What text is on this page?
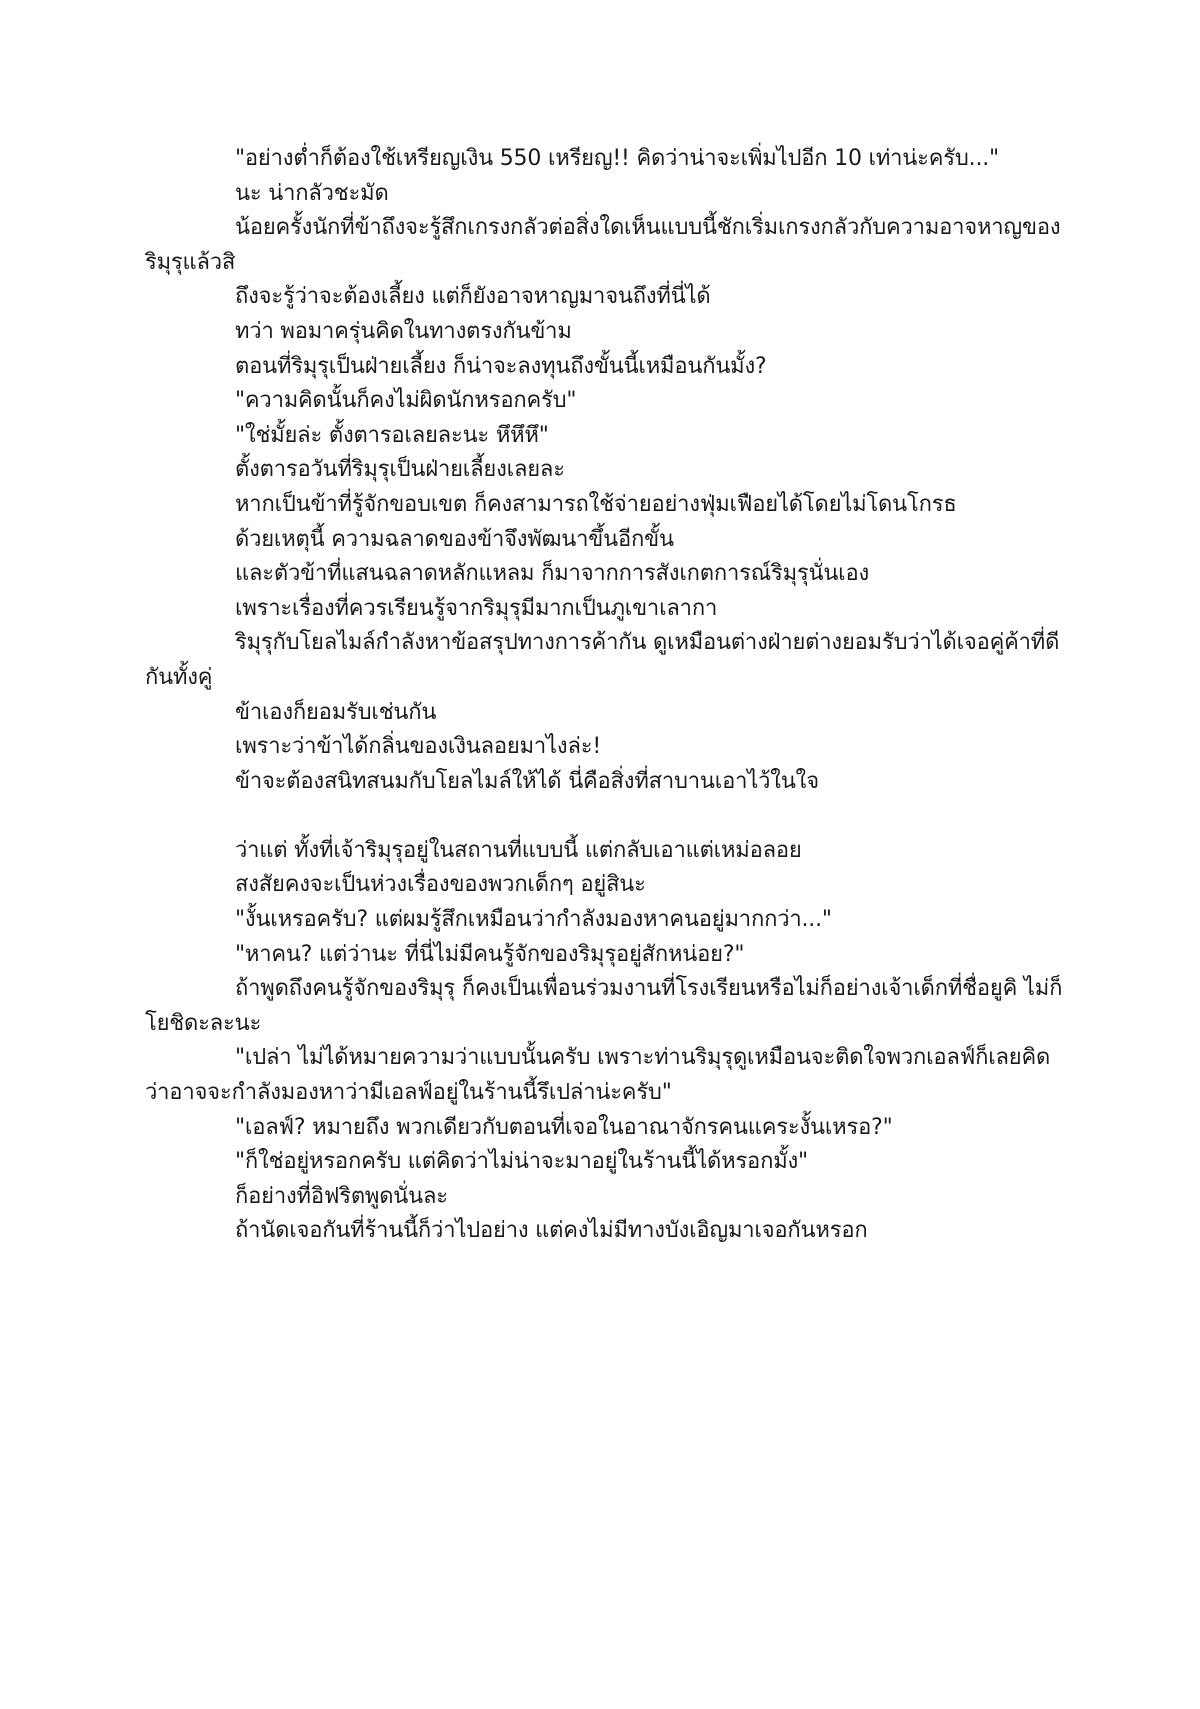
"อย่างต่ำก็ต้องใช้เหรียญเงิน 550 เหรียญ!! คิดว่าน่าจะเพิ่มไปอีก 10 เท่าน่ะครับ..."

นะ น่ากลัวชะมัด

น้อยครั้งนักที่ข้าถึงจะรู้สึกเกรงกลัวต่อสิ่งใดเห็นแบบนี้ชักเริ่มเกรงกลัวกับความอาจหาญของริมุรุแล้วสิ

ถึงจะรู้ว่าจะต้องเลี้ยง แต่ก็ยังอาจหาญมาจนถึงที่นี่ได้

ทว่า พอมาครุ่นคิดในทางตรงกันข้าม

ตอนที่ริมุรุเป็นฝ่ายเลี้ยง ก็น่าจะลงทุนถึงขั้นนี้เหมือนกันมั้ง?

"ความคิดนั้นก็คงไม่ผิดนักหรอกครับ"

"ใช่มั้ยล่ะ ตั้งตารอเลยละนะ หึหึหึ"

ตั้งตารอวันที่ริมุรุเป็นฝ่ายเลี้ยงเลยละ

หากเป็นข้าที่รู้จักขอบเขต ก็คงสามารถใช้จ่ายอย่างฟุ่มเฟือยได้โดยไม่โดนโกรธ

ด้วยเหตุนี้ ความฉลาดของข้าจึงพัฒนาขึ้นอีกขั้น

และตัวข้าที่แสนฉลาดหลักแหลม ก็มาจากการสังเกตการณ์ริมุรุนั่นเอง

เพราะเรื่องที่ควรเรียนรู้จากริมุรุมีมากเป็นภูเขาเลากา

ริมุรุกับโยลไมล์กำลังหาข้อสรุปทางการค้ากัน ดูเหมือนต่างฝ่ายต่างยอมรับว่าได้เจอคู่ค้าที่ดีกันทั้งคู่

ข้าเองก็ยอมรับเช่นกัน

เพราะว่าข้าได้กลิ่นของเงินลอยมาไงล่ะ!

ข้าจะต้องสนิทสนมกับโยลไมล์ให้ได้ นี่คือสิ่งที่สาบานเอาไว้ในใจ

ว่าแต่ ทั้งที่เจ้าริมุรุอยู่ในสถานที่แบบนี้ แต่กลับเอาแต่เหม่อลอย

สงสัยคงจะเป็นห่วงเรื่องของพวกเด็กๆ อยู่สินะ

"งั้นเหรอครับ? แต่ผมรู้สึกเหมือนว่ากำลังมองหาคนอยู่มากกว่า..."

"หาคน? แต่ว่านะ ที่นี่ไม่มีคนรู้จักของริมุรุอยู่สักหน่อย?"

ถ้าพูดถึงคนรู้จักของริมุรุ ก็คงเป็นเพื่อนร่วมงานที่โรงเรียนหรือไม่ก็อย่างเจ้าเด็กที่ชื่อยูคิ ไม่ก็โยชิดะละนะ

"เปล่า ไม่ได้หมายความว่าแบบนั้นครับ เพราะท่านริมุรุดูเหมือนจะติดใจพวกเอลฟ์ก็เลยคิดว่าอาจจะกำลังมองหาว่ามีเอลฟ์อยู่ในร้านนี้รึเปล่าน่ะครับ"

"เอลฟ์? หมายถึง พวกเดียวกับตอนที่เจอในอาณาจักรคนแคระงั้นเหรอ?"

"ก็ใช่อยู่หรอกครับ แต่คิดว่าไม่น่าจะมาอยู่ในร้านนี้ได้หรอกมั้ง"

ก็อย่างที่อิฟริตพูดนั่นละ

ถ้านัดเจอกันที่ร้านนี้ก็ว่าไปอย่าง แต่คงไม่มีทางบังเอิญมาเจอกันหรอก
